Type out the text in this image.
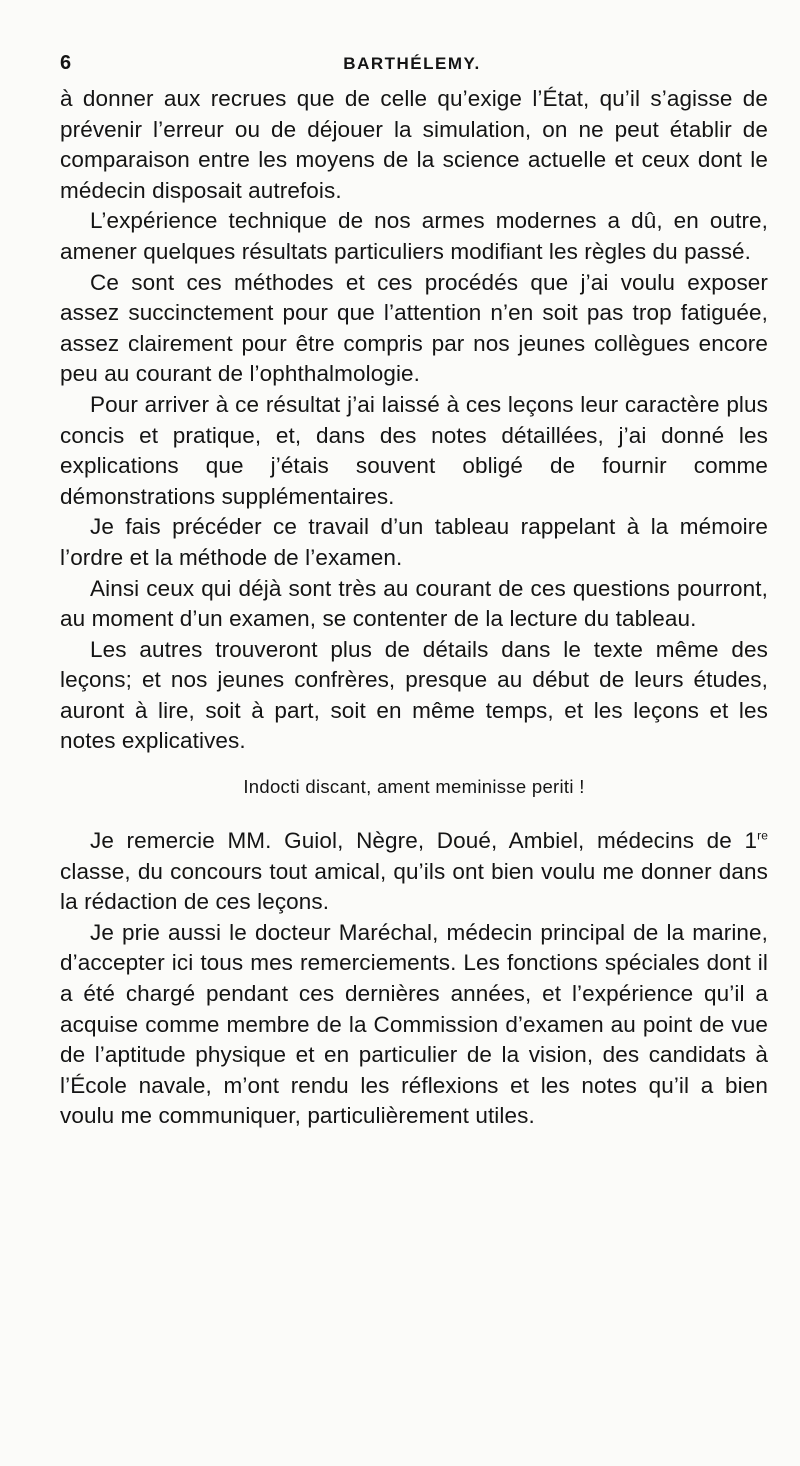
6	BARTHÉLEMY.

à donner aux recrues que de celle qu’exige l’État, qu’il s’agisse de prévenir l’erreur ou de déjouer la simulation, on ne peut établir de comparaison entre les moyens de la science actuelle et ceux dont le médecin disposait autrefois.

L’expérience technique de nos armes modernes a dû, en outre, amener quelques résultats particuliers modifiant les règles du passé.

Ce sont ces méthodes et ces procédés que j’ai voulu exposer assez succinctement pour que l’attention n’en soit pas trop fatiguée, assez clairement pour être compris par nos jeunes collègues encore peu au courant de l’ophthalmologie.

Pour arriver à ce résultat j’ai laissé à ces leçons leur caractère plus concis et pratique, et, dans des notes détaillées, j’ai donné les explications que j’étais souvent obligé de fournir comme démonstrations supplémentaires.

Je fais précéder ce travail d’un tableau rappelant à la mémoire l’ordre et la méthode de l’examen.

Ainsi ceux qui déjà sont très au courant de ces questions pourront, au moment d’un examen, se contenter de la lecture du tableau.

Les autres trouveront plus de détails dans le texte même des leçons; et nos jeunes confrères, presque au début de leurs études, auront à lire, soit à part, soit en même temps, et les leçons et les notes explicatives.

Indocti discant, ament meminisse periti !

Je remercie MM. Guiol, Nègre, Doué, Ambiel, médecins de 1re classe, du concours tout amical, qu’ils ont bien voulu me donner dans la rédaction de ces leçons.

Je prie aussi le docteur Maréchal, médecin principal de la marine, d’accepter ici tous mes remerciements. Les fonctions spéciales dont il a été chargé pendant ces dernières années, et l’expérience qu’il a acquise comme membre de la Commission d’examen au point de vue de l’aptitude physique et en particulier de la vision, des candidats à l’École navale, m’ont rendu les réflexions et les notes qu’il a bien voulu me communiquer, particulièrement utiles.
